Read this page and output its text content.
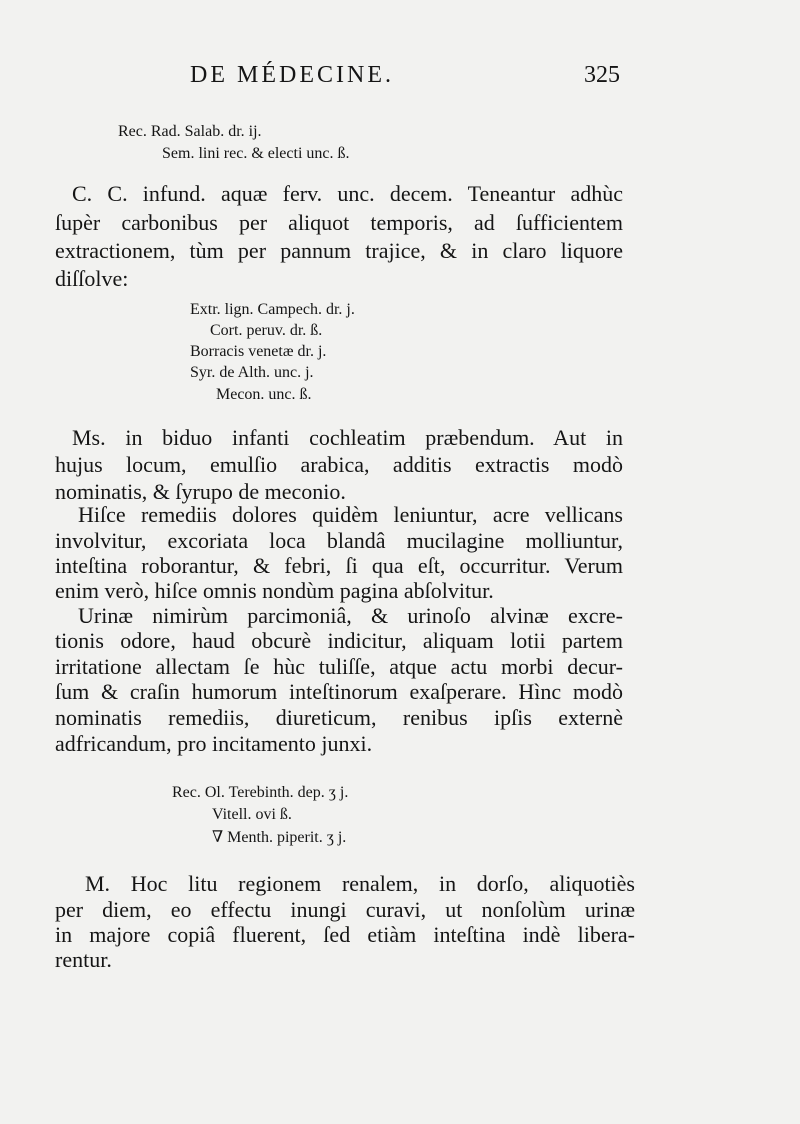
DE MÉDECINE.	325
Rec. Rad. Salab. dr. ij.
Sem. lini rec. & electi unc. ß.
C. C. infund. aquæ ferv. unc. decem. Teneantur adhùc
ſupèr carbonibus per aliquot temporis, ad ſufficientem
extractionem, tùm per pannum trajice, & in claro liquore
diſſolve:
Extr. lign. Campech. dr. j.
Cort. peruv. dr. ß.
Borracis venetæ dr. j.
Syr. de Alth. unc. j.
Mecon. unc. ß.
Ms. in biduo infanti cochleatim præbendum. Aut in
hujus locum, emulſio arabica, additis extractis modò
nominatis, & ſyrupo de meconio.
Hiſce remediis dolores quidèm leniuntur, acre vellicans
involvitur, excoriata loca blandâ mucilagine molliuntur,
inteſtina roborantur, & febri, ſi qua eſt, occurritur. Verum
enim verò, hiſce omnis nondùm pagina abſolvitur.
Urinæ nimirùm parcimoniâ, & urinoſo alvinæ excre-
tionis odore, haud obcurè indicitur, aliquam lotii partem
irritatione allectam ſe hùc tuliſſe, atque actu morbi decur-
ſum & craſin humorum inteſtinorum exaſperare. Hìnc modò
nominatis remediis, diureticum, renibus ipſis externè
adfricandum, pro incitamento junxi.
Rec. Ol. Terebinth. dep. ʒ j.
Vitell. ovi ß.
∇ Menth. piperit. ʒ j.
M. Hoc litu regionem renalem, in dorſo, aliquotiès
per diem, eo effectu inungi curavi, ut nonſolùm urinæ
in majore copiâ fluerent, ſed etiàm inteſtina indè libera-
rentur.
